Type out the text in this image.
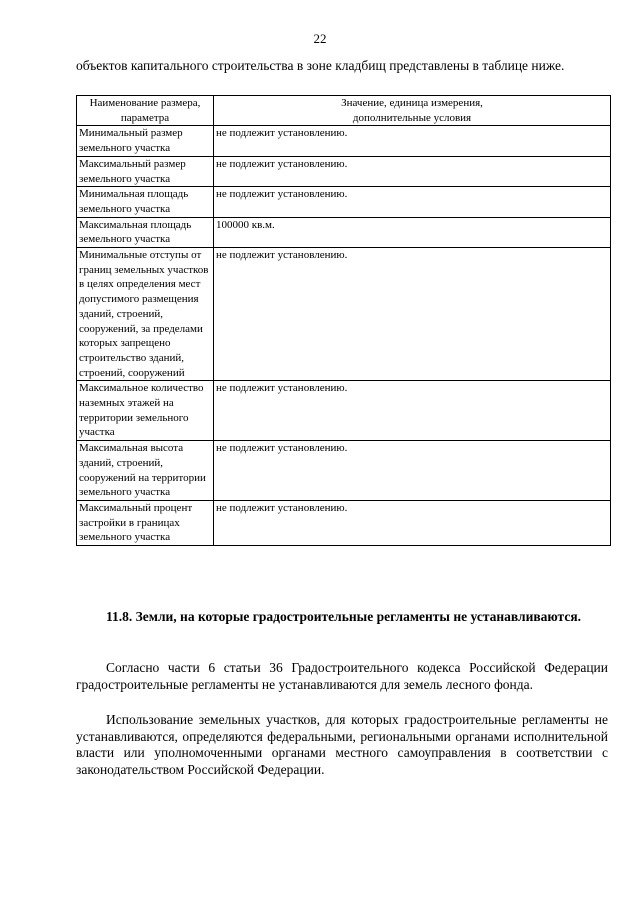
22

объектов капитального строительства в зоне кладбищ представлены в таблице ниже.

Наименование размера, параметра	Значение, единица измерения,
дополнительные условия
Минимальный размер земельного участка	не подлежит установлению.
Максимальный размер земельного участка	не подлежит установлению.
Минимальная площадь земельного участка	не подлежит установлению.
Максимальная площадь земельного участка	100000 кв.м.
Минимальные отступы от границ земельных участков в целях определения мест допустимого размещения зданий, строений, сооружений, за пределами которых запрещено строительство зданий, строений, сооружений	не подлежит установлению.
Максимальное количество наземных этажей на территории земельного участка	не подлежит установлению.
Максимальная высота зданий, строений, сооружений на территории земельного участка	не подлежит установлению.
Максимальный процент застройки в границах земельного участка	не подлежит установлению.
11.8. Земли, на которые градостроительные регламенты не устанавливаются.

Согласно части 6 статьи 36 Градостроительного кодекса Российской Федерации градостроительные регламенты не устанавливаются для земель лесного фонда.

Использование земельных участков, для которых градостроительные регламенты не устанавливаются, определяются федеральными, региональными органами исполнительной власти или уполномоченными органами местного самоуправления в соответствии с законодательством Российской Федерации.
